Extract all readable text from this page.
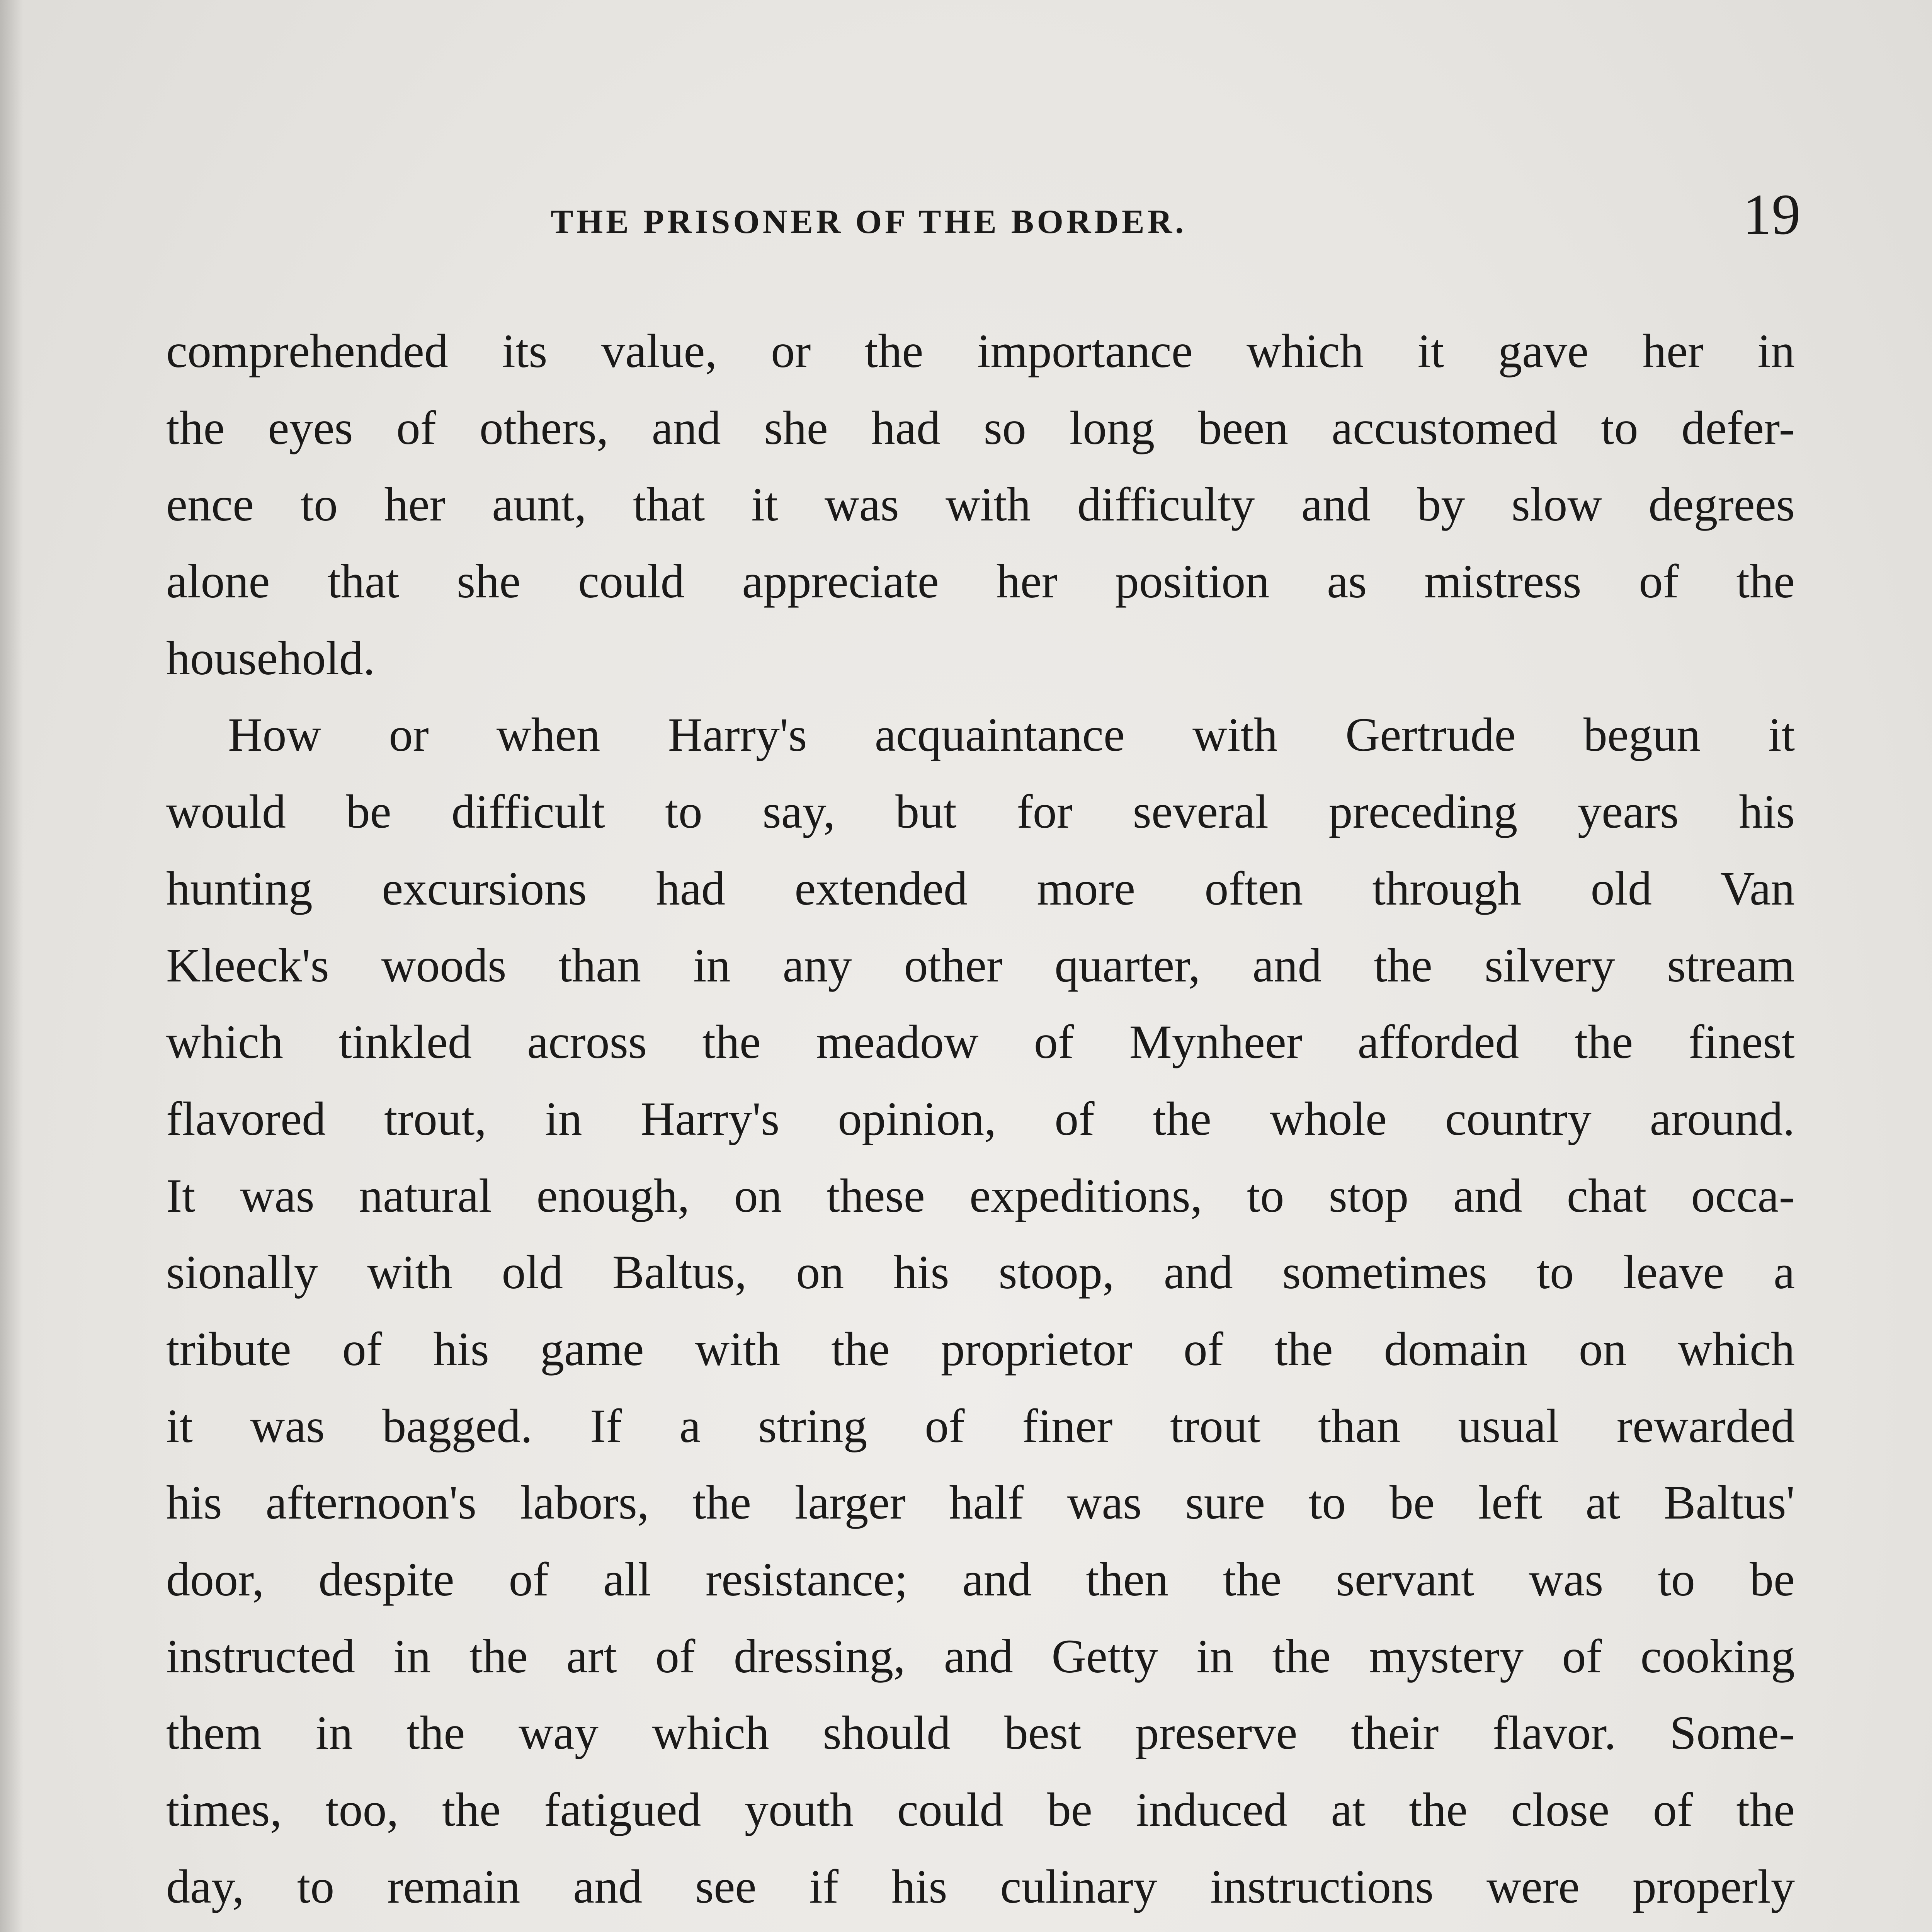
THE PRISONER OF THE BORDER.	19
comprehended its value, or the importance which it gave her in
the eyes of others, and she had so long been accustomed to defer-
ence to her aunt, that it was with difficulty and by slow degrees
alone that she could appreciate her position as mistress of the
household.
How or when Harry's acquaintance with Gertrude begun it
would be difficult to say, but for several preceding years his
hunting excursions had extended more often through old Van
Kleeck's woods than in any other quarter, and the silvery stream
which tinkled across the meadow of Mynheer afforded the finest
flavored trout, in Harry's opinion, of the whole country around.
It was natural enough, on these expeditions, to stop and chat occa-
sionally with old Baltus, on his stoop, and sometimes to leave a
tribute of his game with the proprietor of the domain on which
it was bagged. If a string of finer trout than usual rewarded
his afternoon's labors, the larger half was sure to be left at Baltus'
door, despite of all resistance; and then the servant was to be
instructed in the art of dressing, and Getty in the mystery of cooking
them in the way which should best preserve their flavor. Some-
times, too, the fatigued youth could be induced at the close of the
day, to remain and see if his culinary instructions were properly
